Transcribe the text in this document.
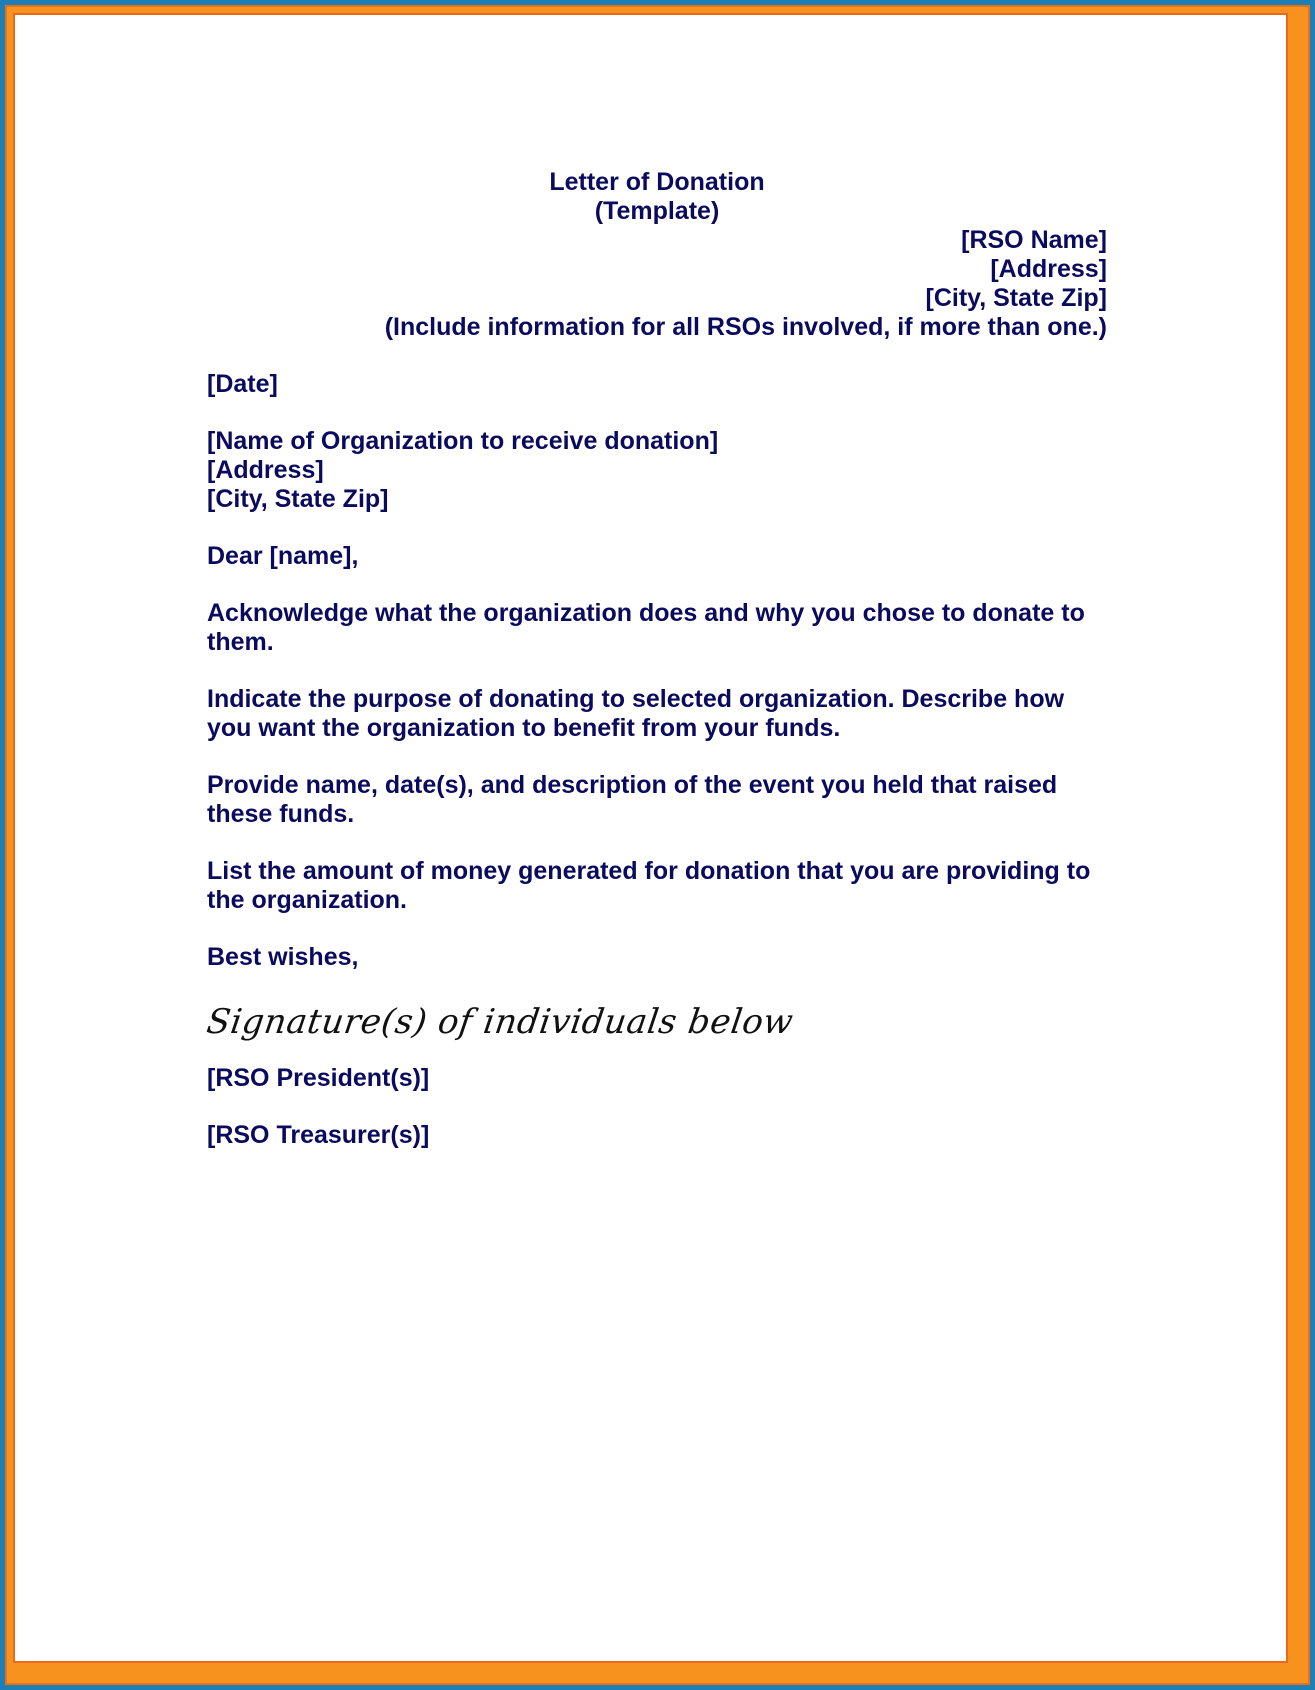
Letter of Donation
(Template)
[RSO Name]
[Address]
[City, State Zip]
(Include information for all RSOs involved, if more than one.)
[Date]
[Name of Organization to receive donation]
[Address]
[City, State Zip]
Dear [name],
Acknowledge what the organization does and why you chose to donate to them.
Indicate the purpose of donating to selected organization. Describe how you want the organization to benefit from your funds.
Provide name, date(s), and description of the event you held that raised these funds.
List the amount of money generated for donation that you are providing to the organization.
Best wishes,
Signature(s) of individuals below
[RSO President(s)]
[RSO Treasurer(s)]
